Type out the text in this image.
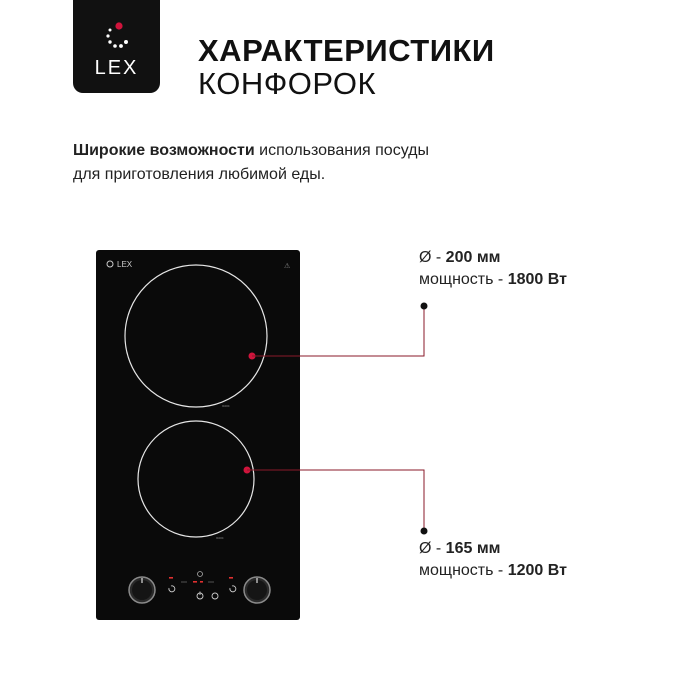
LEX	ХАРАКТЕРИСТИКИ
КОНФОРОК
Широкие возможности использования посуды
для приготовления любимой еды.
LEX	⚠
⊙⊙⊙
⊙⊙⊙
Ø - 200 мм
мощность - 1800 Вт
Ø - 165 мм
мощность - 1200 Вт
